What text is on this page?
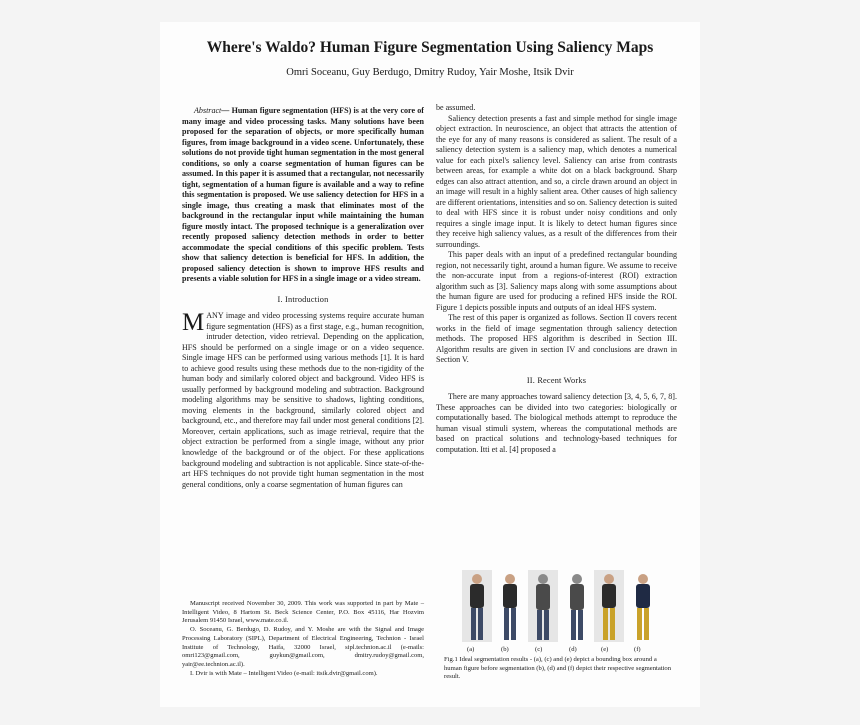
Where's Waldo? Human Figure Segmentation Using Saliency Maps
Omri Soceanu, Guy Berdugo, Dmitry Rudoy, Yair Moshe, Itsik Dvir

Abstract— Human figure segmentation (HFS) is at the very core of many image and video processing tasks. Many solutions have been proposed for the separation of objects, or more specifically human figures, from image background in a video scene. Unfortunately, these solutions do not provide tight human segmentation in the most general conditions, so only a coarse segmentation of human figures can be assumed. In this paper it is assumed that a rectangular, not necessarily tight, segmentation of a human figure is available and a way to refine this segmentation is proposed. We use saliency detection for HFS in a single image, thus creating a mask that eliminates most of the background in the rectangular input while maintaining the human figure mostly intact. The proposed technique is a generalization over recently proposed saliency detection methods in order to better accommodate the special conditions of this specific problem. Tests show that saliency detection is beneficial for HFS. In addition, the proposed saliency detection is shown to improve HFS results and presents a viable solution for HFS in a single image or a video stream.

I. Introduction

MANY image and video processing systems require accurate human figure segmentation (HFS) as a first stage, e.g., human recognition, intruder detection, video retrieval. Depending on the application, HFS should be performed on a single image or on a video sequence. Single image HFS can be performed using various methods [1]. It is hard to achieve good results using these methods due to the non-rigidity of the human body and similarly colored object and background. Video HFS is usually performed by background modeling and subtraction. Background modeling algorithms may be sensitive to shadows, lighting conditions, moving elements in the background, similarly colored object and background, etc., and therefore may fail under most general conditions [2]. Moreover, certain applications, such as image retrieval, require that the object extraction be performed from a single image, without any prior knowledge of the background or of the object. For these applications background modeling and subtraction is not applicable. Since state-of-the-art HFS techniques do not provide tight human segmentation in the most general conditions, only a coarse segmentation of human figures can

Manuscript received November 30, 2009. This work was supported in part by Mate – Intelligent Video, 8 Hartom St. Beck Science Center, P.O. Box 45116, Har Hozvim Jerusalem 91450 Israel, www.mate.co.il.

O. Soceanu, G. Berdugo, D. Rudoy, and Y. Moshe are with the Signal and Image Processing Laboratory (SIPL), Department of Electrical Engineering, Technion - Israel Institute of Technology, Haifa, 32000 Israel, sipl.technion.ac.il (e-mails: omri123@gmail.com, guykun@gmail.com, dmitry.rudoy@gmail.com, yair@ee.technion.ac.il).

I. Dvir is with Mate – Intelligent Video (e-mail: itsik.dvir@gmail.com).

be assumed.

Saliency detection presents a fast and simple method for single image object extraction. In neuroscience, an object that attracts the attention of the eye for any of many reasons is considered as salient. The result of a saliency detection system is a saliency map, which denotes a numerical value for each pixel's saliency level. Saliency can arise from contrasts between areas, for example a white dot on a black background. Sharp edges can also attract attention, and so, a circle drawn around an object in an image will result in a highly salient area. Other causes of high saliency are different orientations, intensities and so on. Saliency detection is suited to deal with HFS since it is robust under noisy conditions and only requires a single image input. It is likely to detect human figures since they receive high saliency values, as a result of the differences from their surroundings.

This paper deals with an input of a predefined rectangular bounding region, not necessarily tight, around a human figure. We assume to receive the non-accurate input from a regions-of-interest (ROI) extraction algorithm such as [3]. Saliency maps along with some assumptions about the human figure are used for producing a refined HFS inside the ROI. Figure 1 depicts possible inputs and outputs of an ideal HFS system.

The rest of this paper is organized as follows. Section II covers recent works in the field of image segmentation through saliency detection methods. The proposed HFS algorithm is described in Section III. Algorithm results are given in section IV and conclusions are drawn in Section V.

II. Recent Works

There are many approaches toward saliency detection [3, 4, 5, 6, 7, 8]. These approaches can be divided into two categories: biologically or computationally based. The biological methods attempt to reproduce the human visual stimuli system, whereas the computational methods are based on practical solutions and technology-based techniques for computation. Itti et al. [4] proposed a

(a)	(b)	(c)	(d)	(e)	(f)
Fig.1 Ideal segmentation results - (a), (c) and (e) depict a bounding box around a human figure before segmentation (b), (d) and (f) depict their respective segmentation result.
